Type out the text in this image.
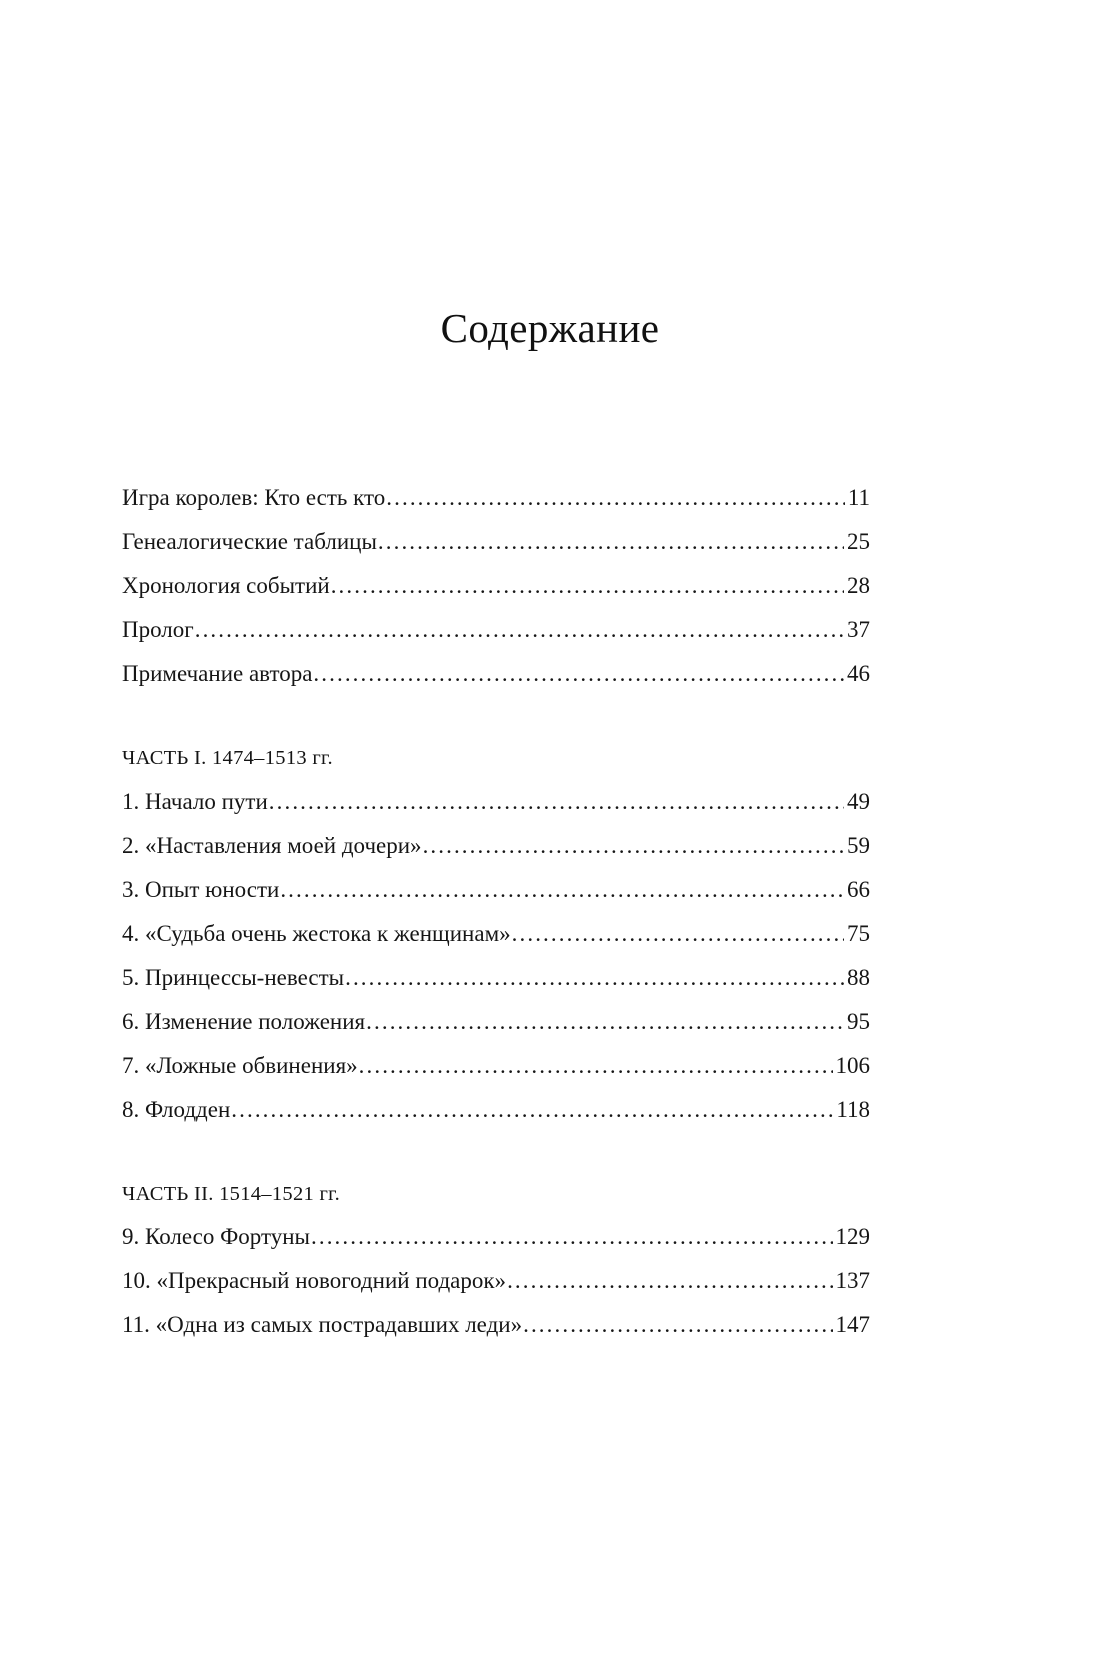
Содержание
Игра королев: Кто есть кто .....	11
Генеалогические таблицы .....	25
Хронология событий .....	28
Пролог .....	37
Примечание автора .....	46
ЧАСТЬ I. 1474–1513 гг.
1. Начало пути .....	49
2. «Наставления моей дочери» .....	59
3. Опыт юности .....	66
4. «Судьба очень жестока к женщинам» .....	75
5. Принцессы-невесты .....	88
6. Изменение положения .....	95
7. «Ложные обвинения» .....	106
8. Флодден .....	118
ЧАСТЬ II. 1514–1521 гг.
9. Колесо Фортуны .....	129
10. «Прекрасный новогодний подарок» .....	137
11. «Одна из самых пострадавших леди» .....	147
